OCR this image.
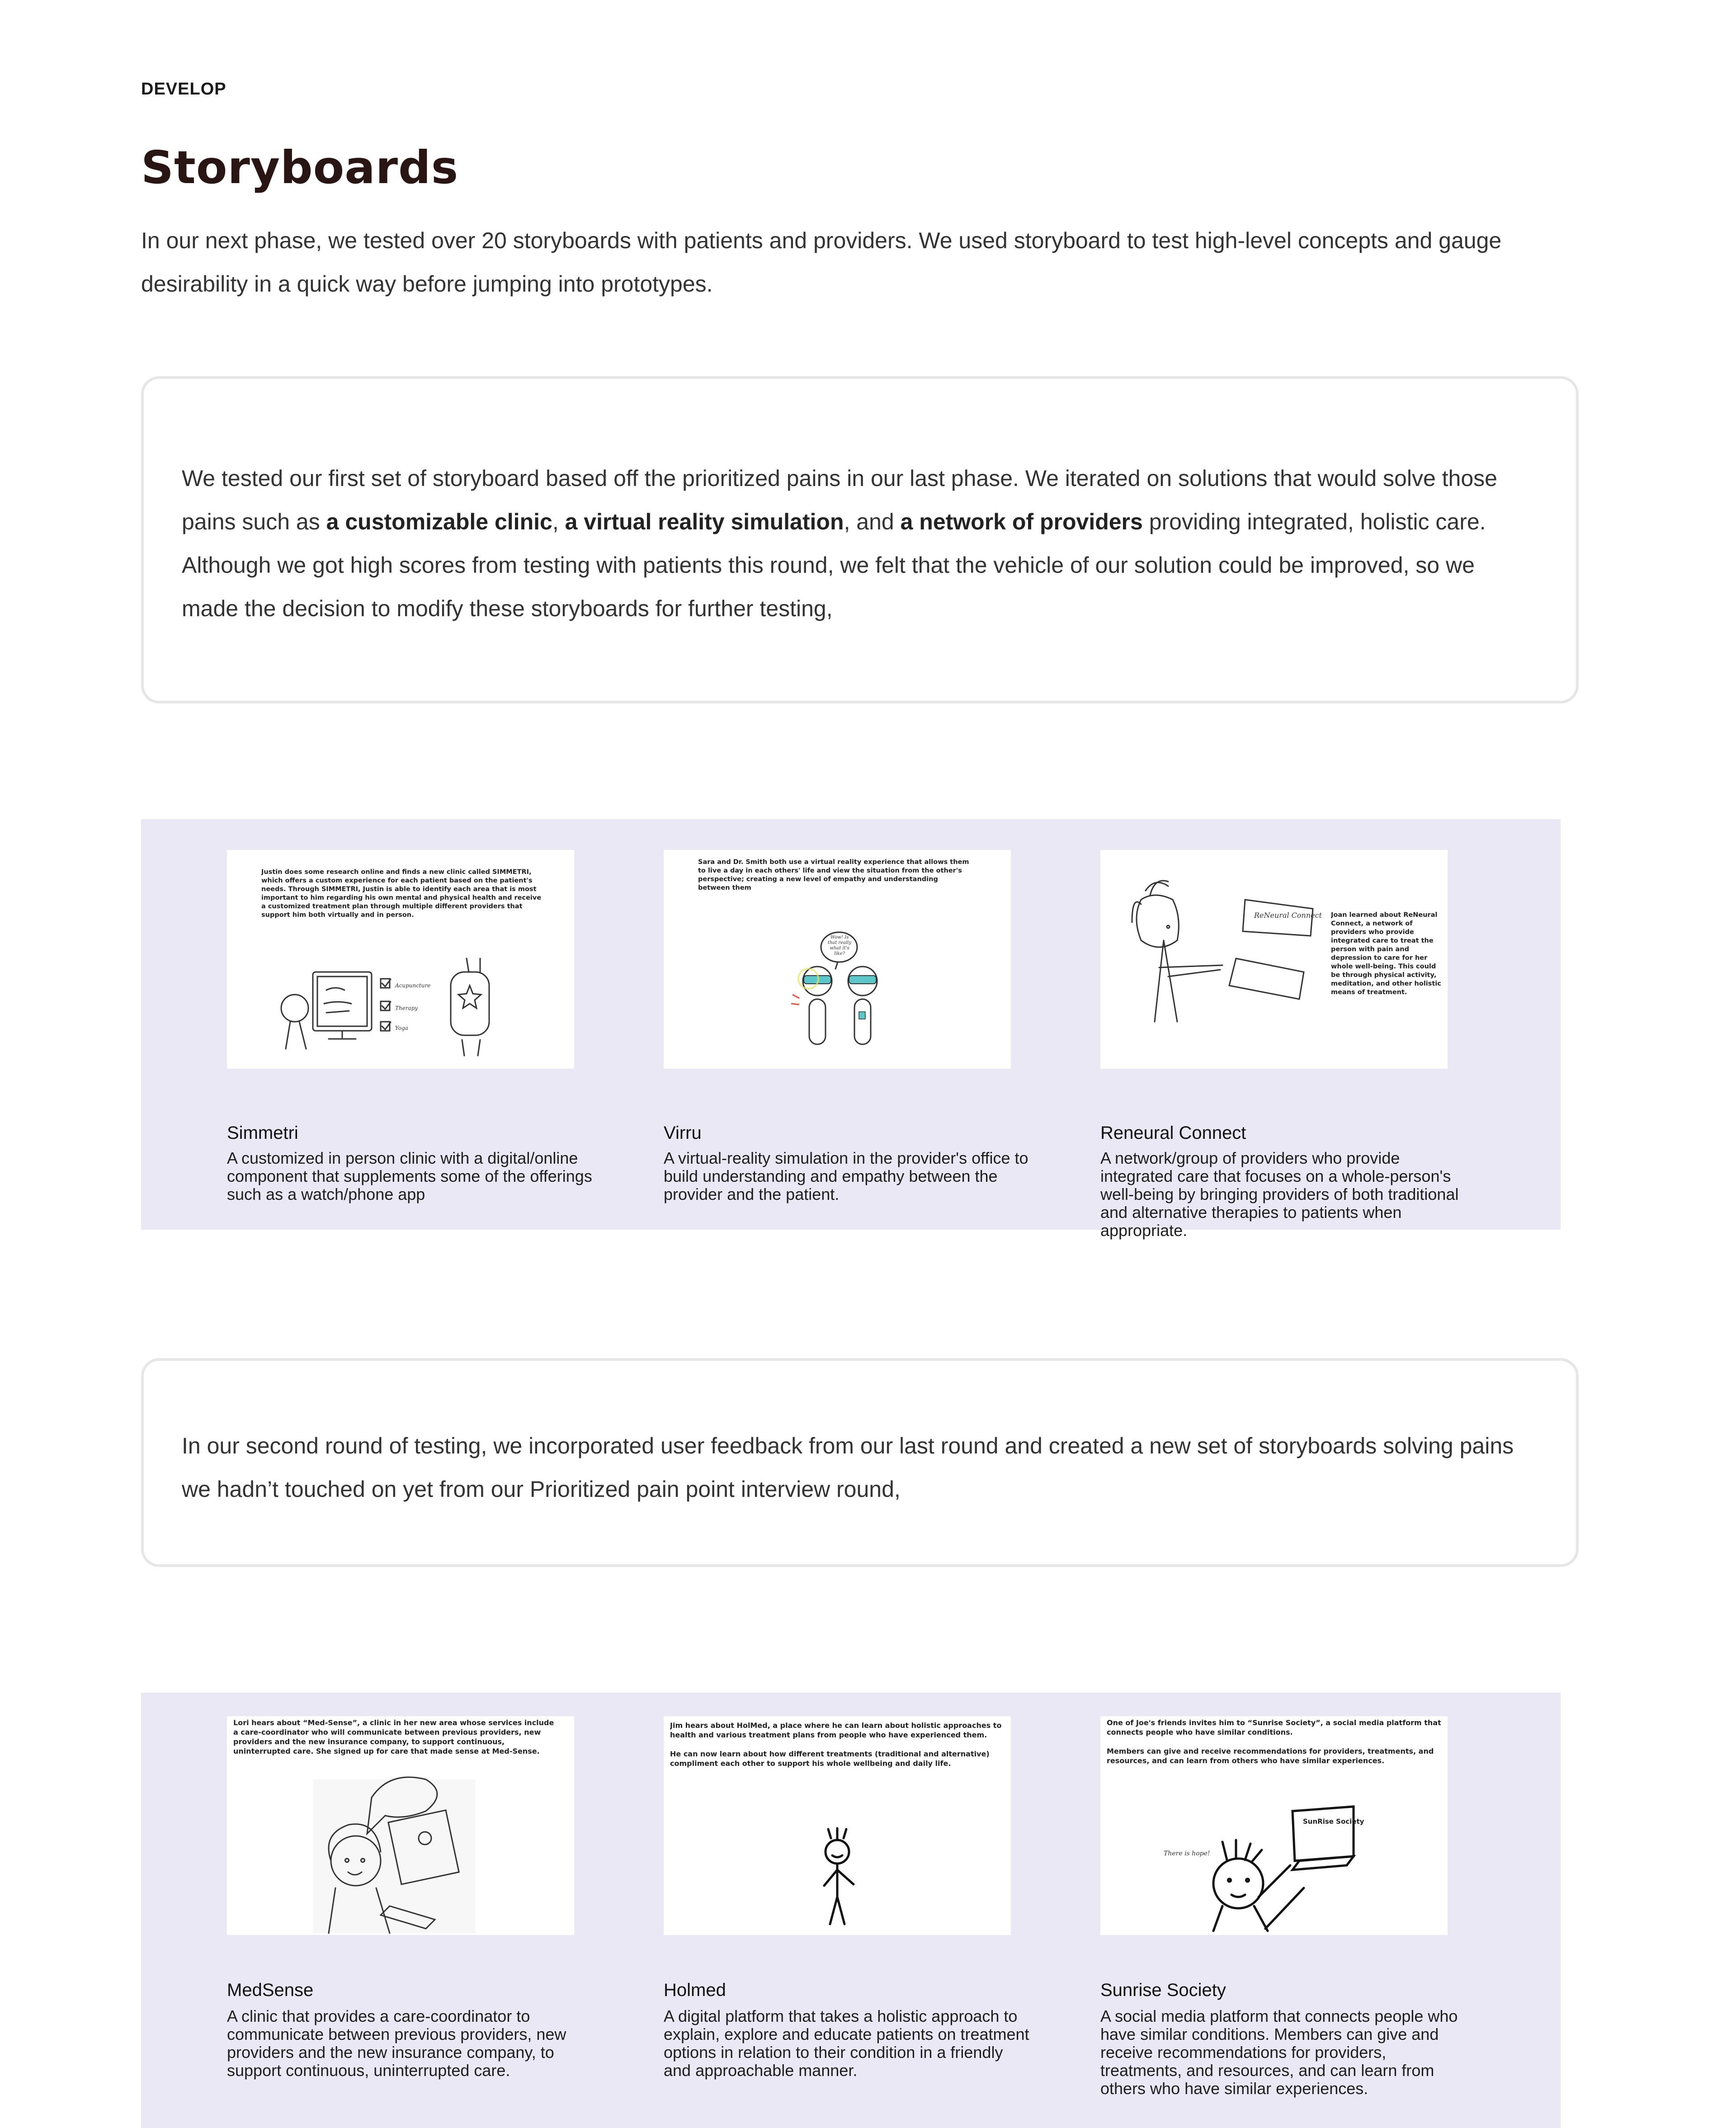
DEVELOP
Storyboards

In our next phase, we tested over 20 storyboards with patients and providers. We used storyboard to test high-level concepts and gauge desirability in a quick way before jumping into prototypes.

We tested our first set of storyboard based off the prioritized pains in our last phase. We iterated on solutions that would solve those pains such as a customizable clinic, a virtual reality simulation, and a network of providers providing integrated, holistic care. Although we got high scores from testing with patients this round, we felt that the vehicle of our solution could be improved, so we made the decision to modify these storyboards for further testing,

Justin does some research online and finds a new clinic called SIMMETRI, which offers a custom experience for each patient based on the patient's needs. Through SIMMETRI, Justin is able to identify each area that is most important to him regarding his own mental and physical health and receive a customized treatment plan through multiple different providers that support him both virtually and in person.
Acupuncture
Therapy
Yoga
Simmetri

A customized in person clinic with a digital/online component that supplements some of the offerings such as a watch/phone app

Sara and Dr. Smith both use a virtual reality experience that allows them to live a day in each others' life and view the situation from the other's perspective; creating a new level of empathy and understanding between them
Wow! Is that really what it's like?
Virru

A virtual-reality simulation in the provider's office to build understanding and empathy between the provider and the patient.

ReNeural Connect Joan learned about ReNeural Connect, a network of providers who provide integrated care to treat the person with pain and depression to care for her whole well-being. This could be through physical activity, meditation, and other holistic means of treatment.
Reneural Connect

A network/group of providers who provide integrated care that focuses on a whole-person's well-being by bringing providers of both traditional and alternative therapies to patients when appropriate.

In our second round of testing, we incorporated user feedback from our last round and created a new set of storyboards solving pains we hadn’t touched on yet from our Prioritized pain point interview round,

Lori hears about “Med-Sense”, a clinic in her new area whose services include a care-coordinator who will communicate between previous providers, new providers and the new insurance company, to support continuous, uninterrupted care. She signed up for care that made sense at Med-Sense.
MedSense

A clinic that provides a care-coordinator to communicate between previous providers, new providers and the new insurance company, to support continuous, uninterrupted care.

Jim hears about HolMed, a place where he can learn about holistic approaches to health and various treatment plans from people who have experienced them.

He can now learn about how different treatments (traditional and alternative) compliment each other to support his whole wellbeing and daily life.
Holmed

A digital platform that takes a holistic approach to explain, explore and educate patients on treatment options in relation to their condition in a friendly and approachable manner.

One of Joe's friends invites him to “Sunrise Society”, a social media platform that connects people who have similar conditions.

Members can give and receive recommendations for providers, treatments, and resources, and can learn from others who have similar experiences.
SunRise Society
There is hope!
Sunrise Society

A social media platform that connects people who have similar conditions. Members can give and receive recommendations for providers, treatments, and resources, and can learn from others who have similar experiences.
